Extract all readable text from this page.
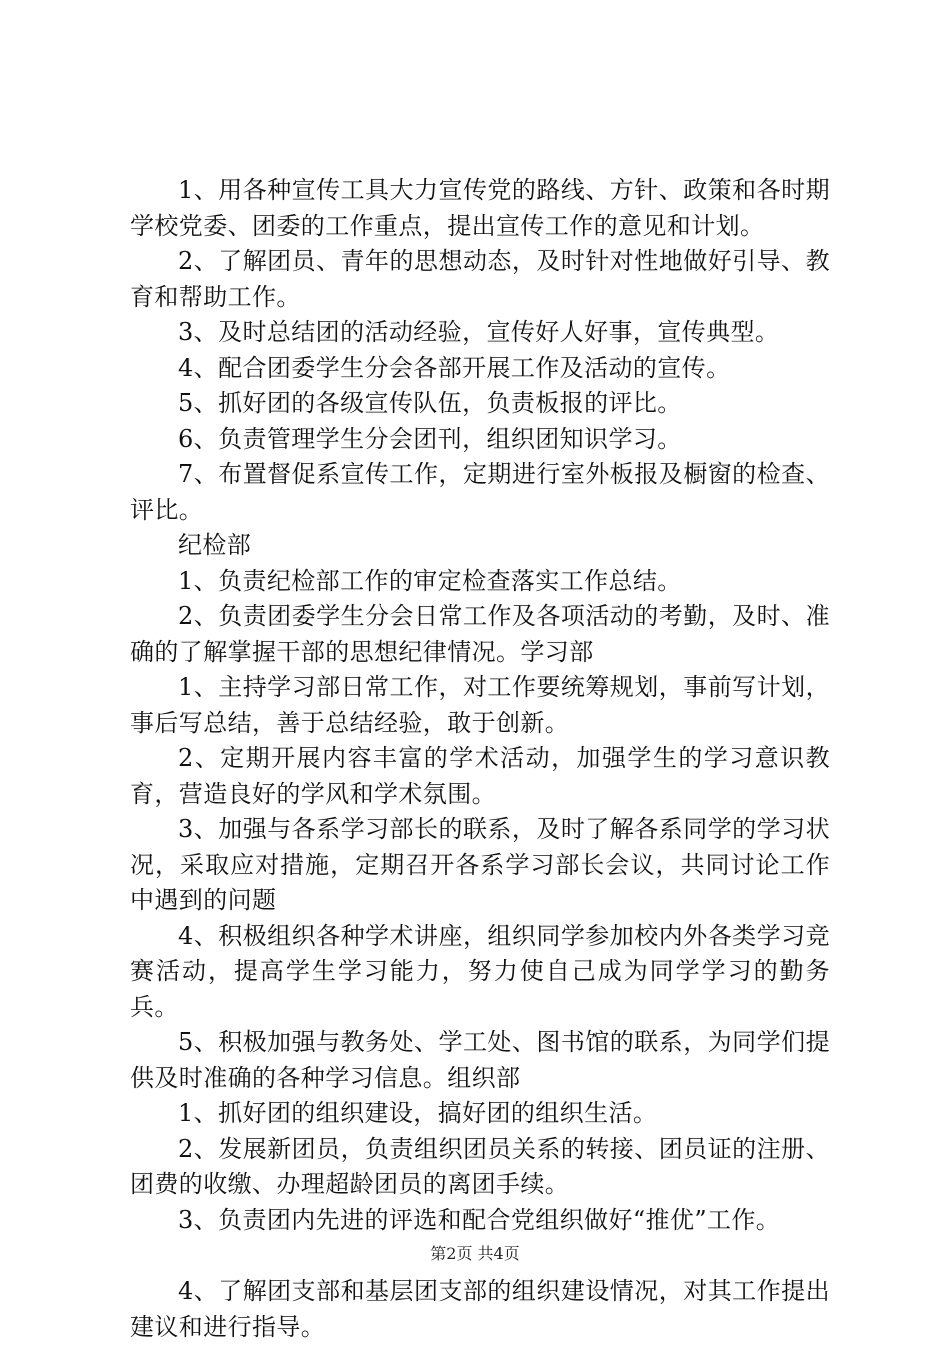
1、用各种宣传工具大力宣传党的路线、方针、政策和各时期学校党委、团委的工作重点，提出宣传工作的意见和计划。

2、了解团员、青年的思想动态，及时针对性地做好引导、教育和帮助工作。

3、及时总结团的活动经验，宣传好人好事，宣传典型。

4、配合团委学生分会各部开展工作及活动的宣传。

5、抓好团的各级宣传队伍，负责板报的评比。

6、负责管理学生分会团刊，组织团知识学习。

7、布置督促系宣传工作，定期进行室外板报及橱窗的检查、评比。

纪检部

1、负责纪检部工作的审定检查落实工作总结。

2、负责团委学生分会日常工作及各项活动的考勤，及时、准确的了解掌握干部的思想纪律情况。学习部

1、主持学习部日常工作，对工作要统筹规划，事前写计划，事后写总结，善于总结经验，敢于创新。

2、定期开展内容丰富的学术活动，加强学生的学习意识教育，营造良好的学风和学术氛围。

3、加强与各系学习部长的联系，及时了解各系同学的学习状况，采取应对措施，定期召开各系学习部长会议，共同讨论工作中遇到的问题

4、积极组织各种学术讲座，组织同学参加校内外各类学习竞赛活动，提高学生学习能力，努力使自己成为同学学习的勤务兵。

5、积极加强与教务处、学工处、图书馆的联系，为同学们提供及时准确的各种学习信息。组织部

1、抓好团的组织建设，搞好团的组织生活。

2、发展新团员，负责组织团员关系的转接、团员证的注册、团费的收缴、办理超龄团员的离团手续。

3、负责团内先进的评选和配合党组织做好“推优”工作。

4、了解团支部和基层团支部的组织建设情况，对其工作提出建议和进行指导。

第2页 共4页
